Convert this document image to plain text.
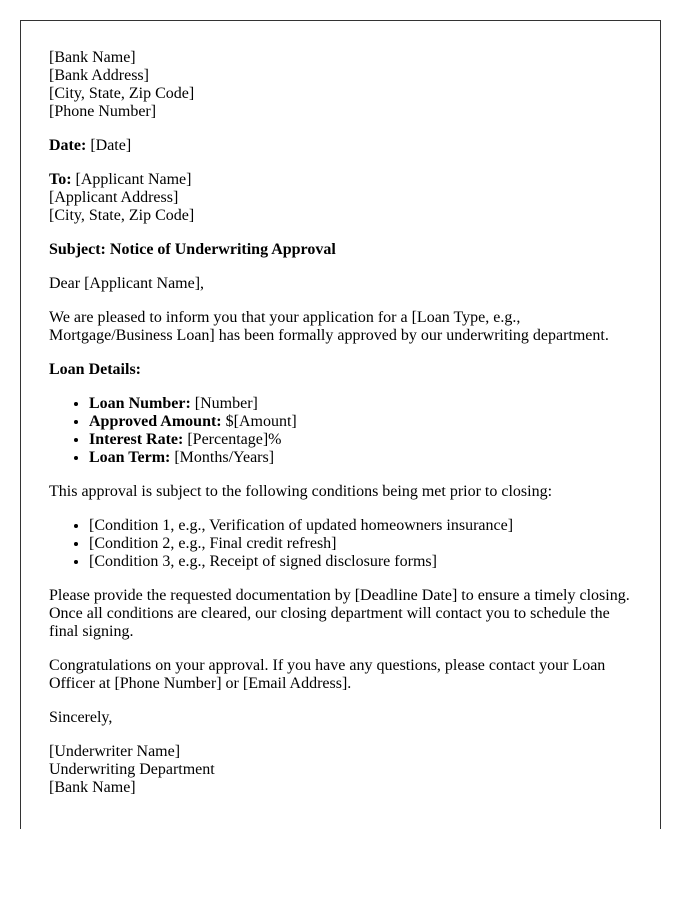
[Bank Name]
[Bank Address]
[City, State, Zip Code]
[Phone Number]

Date: [Date]

To: [Applicant Name]
[Applicant Address]
[City, State, Zip Code]

Subject: Notice of Underwriting Approval

Dear [Applicant Name],

We are pleased to inform you that your application for a [Loan Type, e.g., Mortgage/Business Loan] has been formally approved by our underwriting department.

Loan Details:

• Loan Number: [Number]
• Approved Amount: $[Amount]
• Interest Rate: [Percentage]%
• Loan Term: [Months/Years]

This approval is subject to the following conditions being met prior to closing:

• [Condition 1, e.g., Verification of updated homeowners insurance]
• [Condition 2, e.g., Final credit refresh]
• [Condition 3, e.g., Receipt of signed disclosure forms]

Please provide the requested documentation by [Deadline Date] to ensure a timely closing. Once all conditions are cleared, our closing department will contact you to schedule the final signing.

Congratulations on your approval. If you have any questions, please contact your Loan Officer at [Phone Number] or [Email Address].

Sincerely,

[Underwriter Name]
Underwriting Department
[Bank Name]
